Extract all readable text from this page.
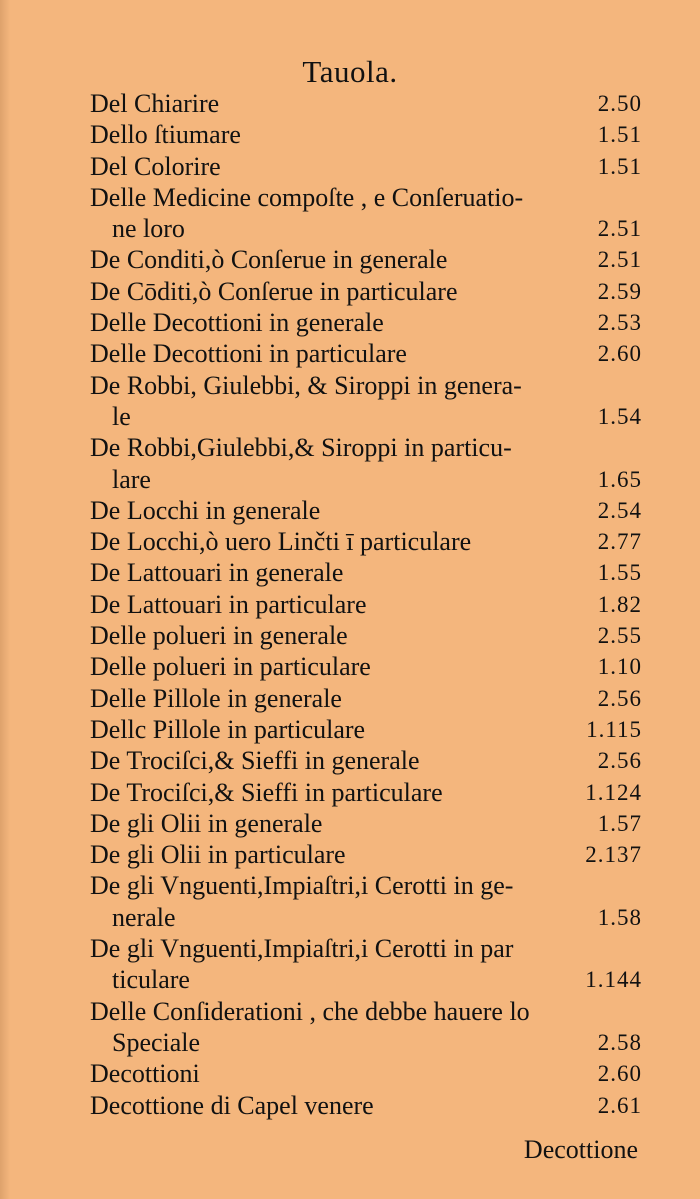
Tauola.
Del Chiarire	2.50
Dello ſtiumare	1.51
Del Colorire	1.51
Delle Medicine compoſte , e Conſeruatio-
ne loro	2.51
De Conditi,ò Conſerue in generale	2.51
De Cōditi,ò Conſerue in particulare	2.59
Delle Decottioni in generale	2.53
Delle Decottioni in particulare	2.60
De Robbi, Giulebbi, & Siroppi in genera-
le	1.54
De Robbi,Giulebbi,& Siroppi in particu-
lare	1.65
De Locchi in generale	2.54
De Locchi,ò uero Linčti ī particulare	2.77
De Lattouari in generale	1.55
De Lattouari in particulare	1.82
Delle polueri in generale	2.55
Delle polueri in particulare	1.10
Delle Pillole in generale	2.56
Dellc Pillole in particulare	1.115
De Trociſci,& Sieffi in generale	2.56
De Trociſci,& Sieffi in particulare	1.124
De gli Olii in generale	1.57
De gli Olii in particulare	2.137
De gli Vnguenti,Impiaſtri,i Cerotti in ge-
nerale	1.58
De gli Vnguenti,Impiaſtri,i Cerotti in par
ticulare	1.144
Delle Conſiderationi , che debbe hauere lo
Speciale	2.58
Decottioni	2.60
Decottione di Capel venere	2.61
Decottione
